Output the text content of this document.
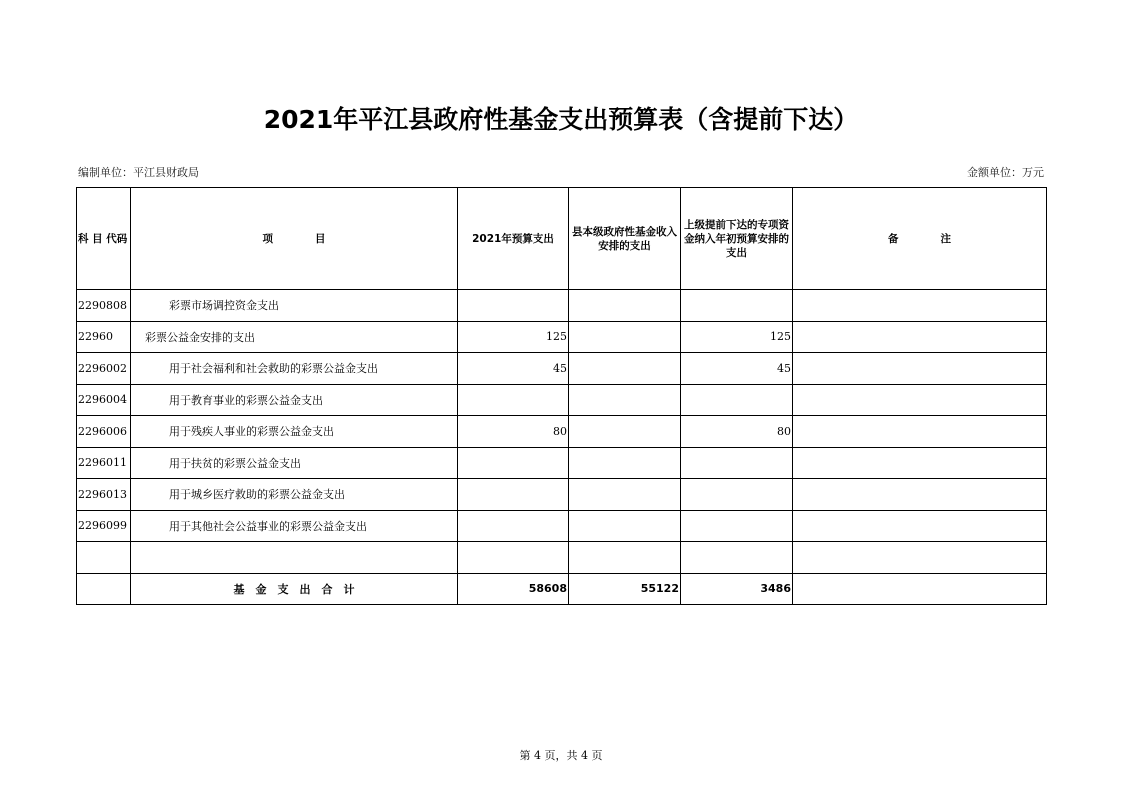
2021年平江县政府性基金支出预算表（含提前下达）
编制单位：平江县财政局	金额单位：万元
科 目 代码	项　　　　目	2021年预算支出	县本级政府性基金收入安排的支出	上级提前下达的专项资金纳入年初预算安排的支出	备　　　　注
2290808	彩票市场调控资金支出				
22960	彩票公益金安排的支出	125		125	
2296002	用于社会福利和社会救助的彩票公益金支出	45		45	
2296004	用于教育事业的彩票公益金支出				
2296006	用于残疾人事业的彩票公益金支出	80		80	
2296011	用于扶贫的彩票公益金支出				
2296013	用于城乡医疗救助的彩票公益金支出				
2296099	用于其他社会公益事业的彩票公益金支出				

	基　金　支　出　合　计	58608	55122	3486	
第 4 页，共 4 页
